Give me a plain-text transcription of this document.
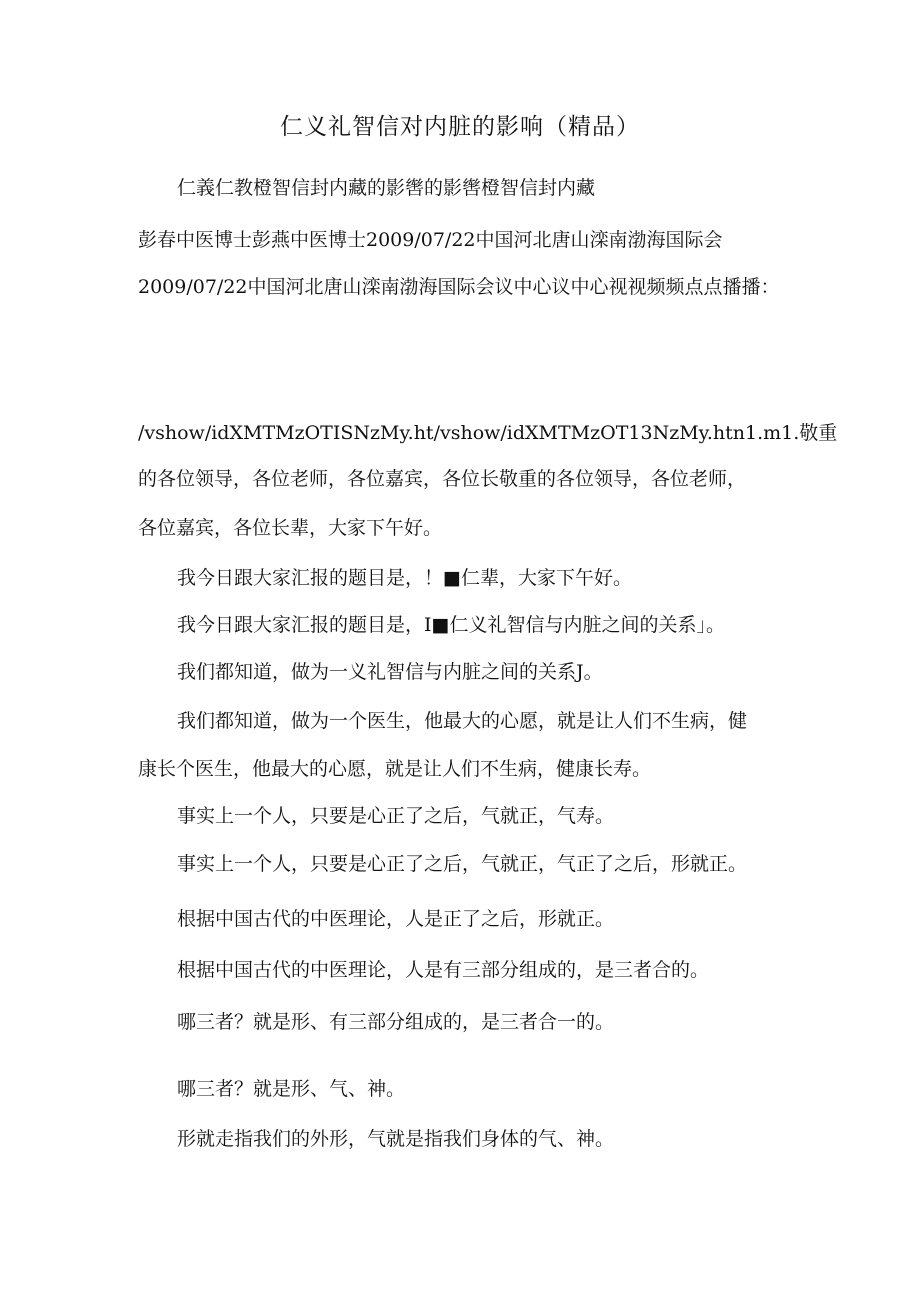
仁义礼智信对内脏的影响（精品）
仁義仁教橙智信封内藏的影辔的影辔橙智信封内藏
彭春中医博士彭燕中医博士2009/07/22中国河北唐山滦南渤海国际会
2009/07/22中国河北唐山滦南渤海国际会议中心议中心视视频频点点播播：
∕vshow/idXMTMzOTISNzMy.ht/vshow/idXMTMzOT13NzMy.htn1.m1.敬重
的各位领导，各位老师，各位嘉宾，各位长敬重的各位领导，各位老师，
各位嘉宾，各位长辈，大家下午好。
我今日跟大家汇报的题目是，！■仁辈，大家下午好。
我今日跟大家汇报的题目是，I■仁义礼智信与内脏之间的关系」。
我们都知道，做为一义礼智信与内脏之间的关系J。
我们都知道，做为一个医生，他最大的心愿，就是让人们不生病，健
康长个医生，他最大的心愿，就是让人们不生病，健康长寿。
事实上一个人，只要是心正了之后，气就正，气寿。
事实上一个人，只要是心正了之后，气就正，气正了之后，形就正。
根据中国古代的中医理论，人是正了之后，形就正。
根据中国古代的中医理论，人是有三部分组成的，是三者合的。
哪三者？就是形、有三部分组成的，是三者合一的。
哪三者？就是形、气、神。
形就走指我们的外形，气就是指我们身体的气、神。
